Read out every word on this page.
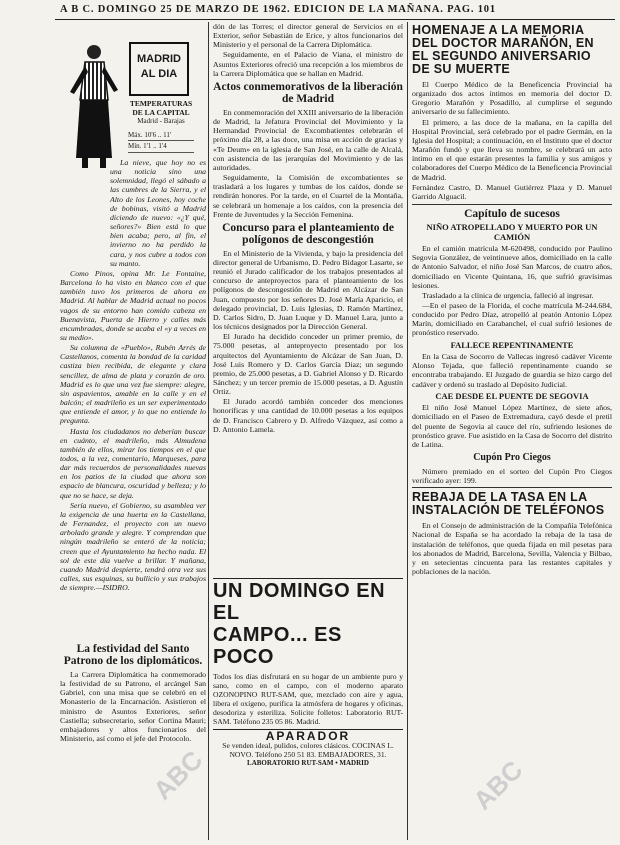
A B C. DOMINGO 25 DE MARZO DE 1962. EDICION DE LA MAÑANA. PAG. 101
MADRID
AL DIA
TEMPERATURAS DE LA CAPITAL
Madrid - Barajas
Máx. 10'6 .. 11'
Mín. 1'1 .. 1'4

La nieve, que hoy no es una noticia sino una solemnidad, llegó el sábado a las cumbres de la Sierra, y el Alto de los Leones, hoy coche de bobinas, visitó a Madrid diciendo de nuevo: «¿Y qué, señores?» Bien está lo que bien acaba; pero, al fin, el invierno no ha perdido la cara, y nos cubre a todos con su manto.

Como Pinos, opina Mr. Le Fontaine, Barcelona lo ha visto en blanco con el que también tuvo los primeros de ahora en Madrid. Al hablar de Madrid actual no pocos vagos de su entorno han comido cabeza en Buenavista, Puerta de Hierro y calles más encumbradas, donde se acaba el «y a veces en su medio».

Su columna de «Pueblo», Rubén Arrés de Castellanos, comenta la bondad de la caridad castiza bien recibida, de elegante y clara sencillez, de alma de plata y corazón de oro. Madrid es lo que una vez fue siempre: alegre, sin aspavientos, amable en la calle y en el balcón; el madrileño es un ser experimentado que entiende el amor, y lo que no entiende lo pregunta.

Hasta los ciudadanos no deberían buscar en cuánto, el madrileño, más Almudena también de ellos, mirar los tiempos en el que todos, a la vez, comentario, Marqueses, para dar más recuerdos de personalidades nuevas en los patios de la ciudad que ahora son espacio de blancura, oscuridad y belleza; y lo que no se hace, se deja.

Sería nuevo, el Gobierno, su asamblea ver la exigencia de una huerta en la Castellana, de Fernandez, el proyecto con un nuevo arbolado grande y alegre. Y comprendan que ningún madrileño se enteró de la noticia; creen que el Ayuntamiento ha hecho nada. El sol de este día vuelve a brillar. Y mañana, cuando Madrid despierte, tendrá otra vez sus calles, sus esquinas, su bullicio y sus trabajos de siempre.—ISIDRO.

La festividad del Santo Patrono de los diplomáticos.

La Carrera Diplomática ha conmemorado la festividad de su Patrono, el arcángel San Gabriel, con una misa que se celebró en el Monasterio de la Encarnación. Asistieron el ministro de Asuntos Exteriores, señor Castiella; subsecretario, señor Cortina Mauri; embajadores y altos funcionarios del Ministerio, así como el jefe del Protocolo.

dón de las Torres; el director general de Servicios en el Exterior, señor Sebastián de Erice, y altos funcionarios del Ministerio y el personal de la Carrera Diplomática.

Seguidamente, en el Palacio de Viana, el ministro de Asuntos Exteriores ofreció una recepción a los miembros de la Carrera Diplomática que se hallan en Madrid.

Actos conmemorativos de la liberación de Madrid

En conmemoración del XXIII aniversario de la liberación de Madrid, la Jefatura Provincial del Movimiento y la Hermandad Provincial de Excombatientes celebrarán el próximo día 28, a las doce, una misa en acción de gracias y «Te Deum» en la iglesia de San José, en la calle de Alcalá, con asistencia de las jerarquías del Movimiento y de las autoridades.

Seguidamente, la Comisión de excombatientes se trasladará a los lugares y tumbas de los caídos, donde se rendirán honores. Por la tarde, en el Cuartel de la Montaña, se celebrará un homenaje a los caídos, con la presencia del Frente de Juventudes y la Sección Femenina.

Concurso para el planteamiento de polígonos de descongestión

En el Ministerio de la Vivienda, y bajo la presidencia del director general de Urbanismo, D. Pedro Bidagor Lasarte, se reunió el Jurado calificador de los trabajos presentados al concurso de anteproyectos para el planteamiento de los polígonos de descongestión de Madrid en Alcázar de San Juan, compuesto por los señores D. José María Aparicio, el delegado provincial, D. Luis Iglesias, D. Ramón Martínez, D. Carlos Sidro, D. Juan Luque y D. Manuel Lara, junto a los técnicos designados por la Dirección General.

El Jurado ha decidido conceder un primer premio, de 75.000 pesetas, al anteproyecto presentado por los arquitectos del Ayuntamiento de Alcázar de San Juan, D. José Luis Romero y D. Carlos García Diaz; un segundo premio, de 25.000 pesetas, a D. Gabriel Alonso y D. Ricardo Sánchez; y un tercer premio de 15.000 pesetas, a D. Agustín Ortiz.

El Jurado acordó también conceder dos menciones honoríficas y una cantidad de 10.000 pesetas a los equipos de D. Francisco Cabrero y D. Alfredo Vázquez, así como a D. Antonio Lamela.

UN DOMINGO EN EL
CAMPO... ES POCO
Todos los días disfrutará en su hogar de un ambiente puro y sano, como en el campo, con el moderno aparato OZONOPINO RUT-SAM, que, mezclado con aire y agua, libera el oxígeno, purifica la atmósfera de hogares y oficinas, desodoriza y esteriliza. Solicite folletos: Laboratorio RUT-SAM. Teléfono 235 05 86. Madrid.
APARADOR
Se venden ideal, pulidos, colores clásicos. COCINAS L. NOVO. Teléfono 250 51 83. EMBAJADORES, 31.
LABORATORIO RUT-SAM • MADRID
HOMENAJE A LA MEMORIA DEL DOCTOR MARAÑÓN, EN EL SEGUNDO ANIVERSARIO DE SU MUERTE

El Cuerpo Médico de la Beneficencia Provincial ha organizado dos actos íntimos en memoria del doctor D. Gregorio Marañón y Posadillo, al cumplirse el segundo aniversario de su fallecimiento.

El primero, a las doce de la mañana, en la capilla del Hospital Provincial, será celebrado por el padre Germán, en la Iglesia del Hospital; a continuación, en el Instituto que el doctor Marañón fundó y que lleva su nombre, se celebrará un acto íntimo en el que estarán presentes la familia y sus amigos y colaboradores del Cuerpo Médico de la Beneficencia Provincial de Madrid.

Fernández Castro, D. Manuel Gutiérrez Plaza y D. Manuel Garrido Alguacil.

Capítulo de sucesos
NIÑO ATROPELLADO Y MUERTO POR UN CAMIÓN

En el camión matrícula M-620498, conducido por Paulino Segovia González, de veintinueve años, domiciliado en la calle de Antonio Salvador, el niño José San Marcos, de cuatro años, domiciliado en Vicente Quintana, 16, que sufrió gravísimas lesiones.

Trasladado a la clínica de urgencia, falleció al ingresar.

—En el paseo de la Florida, el coche matrícula M-244.684, conducido por Pedro Díaz, atropelló al peatón Antonio López Marín, domiciliado en Carabanchel, el cual sufrió lesiones de pronóstico reservado.

FALLECE REPENTINAMENTE

En la Casa de Socorro de Vallecas ingresó cadáver Vicente Alonso Tejada, que falleció repentinamente cuando se encontraba trabajando. El Juzgado de guardia se hizo cargo del cadáver y ordenó su traslado al Depósito Judicial.

CAE DESDE EL PUENTE DE SEGOVIA

El niño José Manuel López Martínez, de siete años, domiciliado en el Paseo de Extremadura, cayó desde el pretil del puente de Segovia al cauce del río, sufriendo lesiones de pronóstico grave. Fue asistido en la Casa de Socorro del distrito de Latina.

Cupón Pro Ciegos

Número premiado en el sorteo del Cupón Pro Ciegos verificado ayer: 199.

REBAJA DE LA TASA EN LA INSTALACIÓN DE TELÉFONOS

En el Consejo de administración de la Compañía Telefónica Nacional de España se ha acordado la rebaja de la tasa de instalación de teléfonos, que queda fijada en mil pesetas para los abonados de Madrid, Barcelona, Sevilla, Valencia y Bilbao, y en setecientas cincuenta para las restantes capitales y poblaciones de la nación.

ABC	ABC
